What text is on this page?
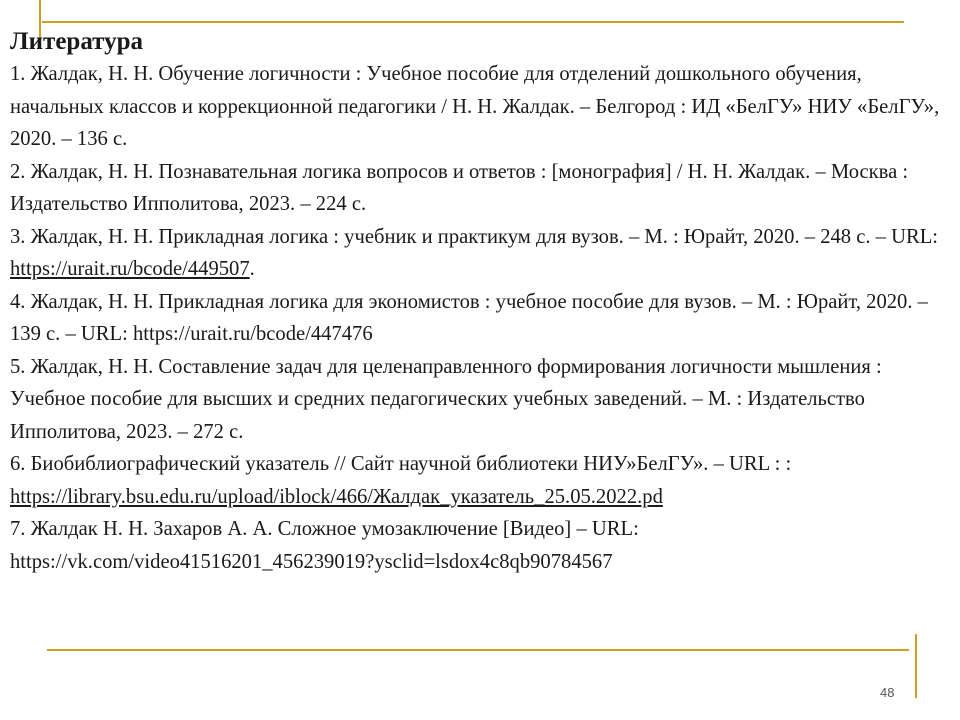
Литература

1. Жалдак, Н. Н. Обучение логичности : Учебное пособие для отделений дошкольного обучения, начальных классов и коррекционной педагогики / Н. Н. Жалдак. – Белгород : ИД «БелГУ» НИУ «БелГУ», 2020. – 136 с.

2. Жалдак, Н. Н. Познавательная логика вопросов и ответов : [монография] / Н. Н. Жалдак. – Москва : Издательство Ипполитова, 2023. – 224 с.

3. Жалдак, Н. Н. Прикладная логика : учебник и практикум для вузов. – М. : Юрайт, 2020. – 248 с. – URL: https://urait.ru/bcode/449507.

4. Жалдак, Н. Н. Прикладная логика для экономистов : учебное пособие для вузов. – М. : Юрайт, 2020. – 139 с. – URL: https://urait.ru/bcode/447476

5. Жалдак, Н. Н. Составление задач для целенаправленного формирования логичности мышления : Учебное пособие для высших и средних педагогических учебных заведений. – М. : Издательство Ипполитова, 2023. – 272 с.

6. Биобиблиографический указатель // Сайт научной библиотеки НИУ»БелГУ». – URL : : https://library.bsu.edu.ru/upload/iblock/466/Жалдак_указатель_25.05.2022.pd

7. Жалдак Н. Н. Захаров А. А. Сложное умозаключение [Видео] – URL: https://vk.com/video41516201_456239019?ysclid=lsdox4c8qb90784567

48
